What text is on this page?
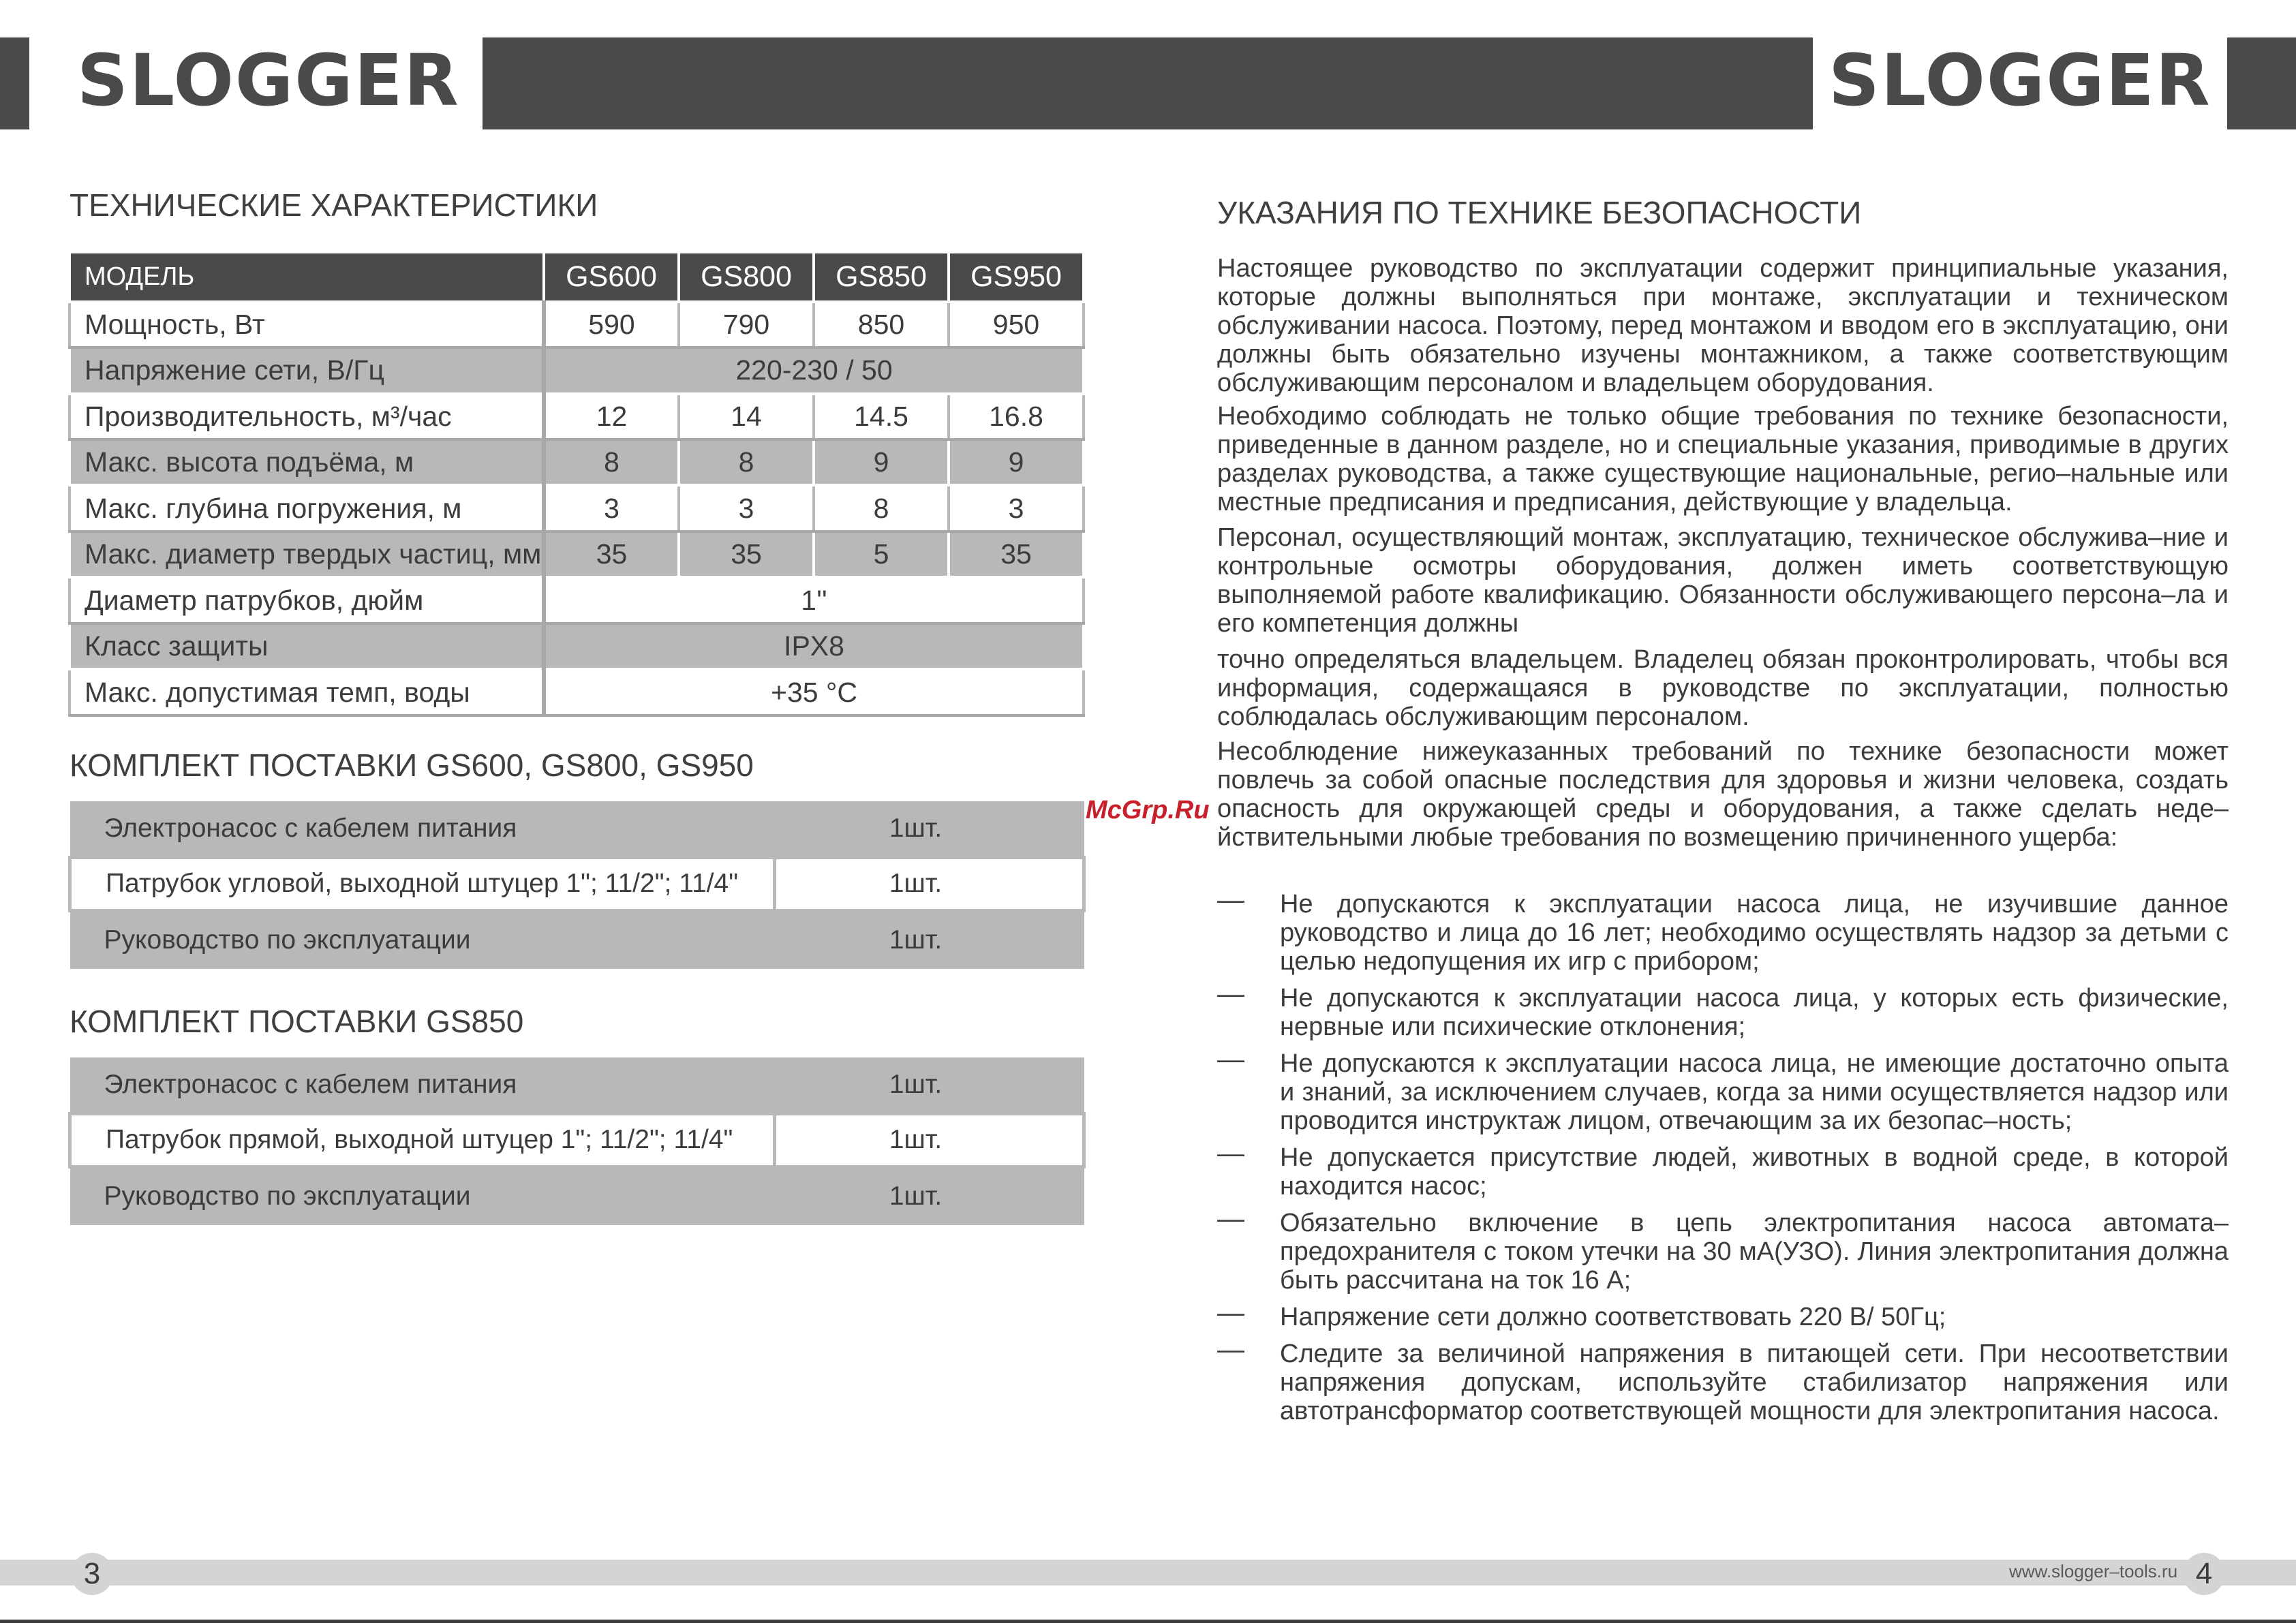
SLOGGER	SLOGGER
ТЕХНИЧЕСКИЕ ХАРАКТЕРИСТИКИ
МОДЕЛЬ	GS600	GS800	GS850	GS950
Мощность, Вт	590	790	850	950
Напряжение сети, В/Гц	220-230 / 50			
Производительность, м³/час	12	14	14.5	16.8
Макс. высота подъёма, м	8	8	9	9
Макс. глубина погружения, м	3	3	8	3
Макс. диаметр твердых частиц, мм	35	35	5	35
Диаметр патрубков, дюйм	1''			
Класс защиты	IPX8			
Макс. допустимая темп, воды	+35 °C			
КОМПЛЕКТ ПОСТАВКИ GS600, GS800, GS950
Электронасос с кабелем питания	1шт.
Патрубок угловой, выходной штуцер 1"; 11/2"; 11/4"	1шт.
Руководство по эксплуатации	1шт.
КОМПЛЕКТ ПОСТАВКИ GS850
Электронасос с кабелем питания	1шт.
Патрубок прямой, выходной штуцер 1"; 11/2"; 11/4"	1шт.
Руководство по эксплуатации	1шт.
УКАЗАНИЯ ПО ТЕХНИКЕ БЕЗОПАСНОСТИ

Настоящее руководство по эксплуатации содержит принципиальные указания, которые должны выполняться при монтаже, эксплуатации и техническом обслуживании насоса. Поэтому, перед монтажом и вводом его в эксплуатацию, они должны быть обязательно изучены монтажником, а также соответствующим обслуживающим персоналом и владельцем оборудования.

Необходимо соблюдать не только общие требования по технике безопасности, приведенные в данном разделе, но и специальные указания, приводимые в других разделах руководства, а также существующие национальные, регио–нальные или местные предписания и предписания, действующие у владельца.

Персонал, осуществляющий монтаж, эксплуатацию, техническое обслужива–ние и контрольные осмотры оборудования, должен иметь соответствующую выполняемой работе квалификацию. Обязанности обслуживающего персона–ла и его компетенция должны

точно определяться владельцем. Владелец обязан проконтролировать, чтобы вся информация, содержащаяся в руководстве по эксплуатации, полностью соблюдалась обслуживающим персоналом.

Несоблюдение нижеуказанных требований по технике безопасности может повлечь за собой опасные последствия для здоровья и жизни человека, создать опасность для окружающей среды и оборудования, а также сделать неде–йствительными любые требования по возмещению причиненного ущерба:

McGrp.Ru
— Не допускаются к эксплуатации насоса лица, не изучившие данное руководство и лица до 16 лет; необходимо осуществлять надзор за детьми с целью недопущения их игр с прибором;
— Не допускаются к эксплуатации насоса лица, у которых есть физические, нервные или психические отклонения;
— Не допускаются к эксплуатации насоса лица, не имеющие достаточно опыта и знаний, за исключением случаев, когда за ними осуществляется надзор или проводится инструктаж лицом, отвечающим за их безопас–ность;
— Не допускается присутствие людей, животных в водной среде, в которой находится насос;
— Обязательно включение в цепь электропитания насоса автомата–предохранителя с током утечки на 30 мА(УЗО). Линия электропитания должна быть рассчитана на ток 16 А;
— Напряжение сети должно соответствовать 220 В/ 50Гц;
— Следите за величиной напряжения в питающей сети. При несоответствии напряжения допускам, используйте стабилизатор напряжения или автотрансформатор соответствующей мощности для электропитания насоса.
3	www.slogger–tools.ru 4
